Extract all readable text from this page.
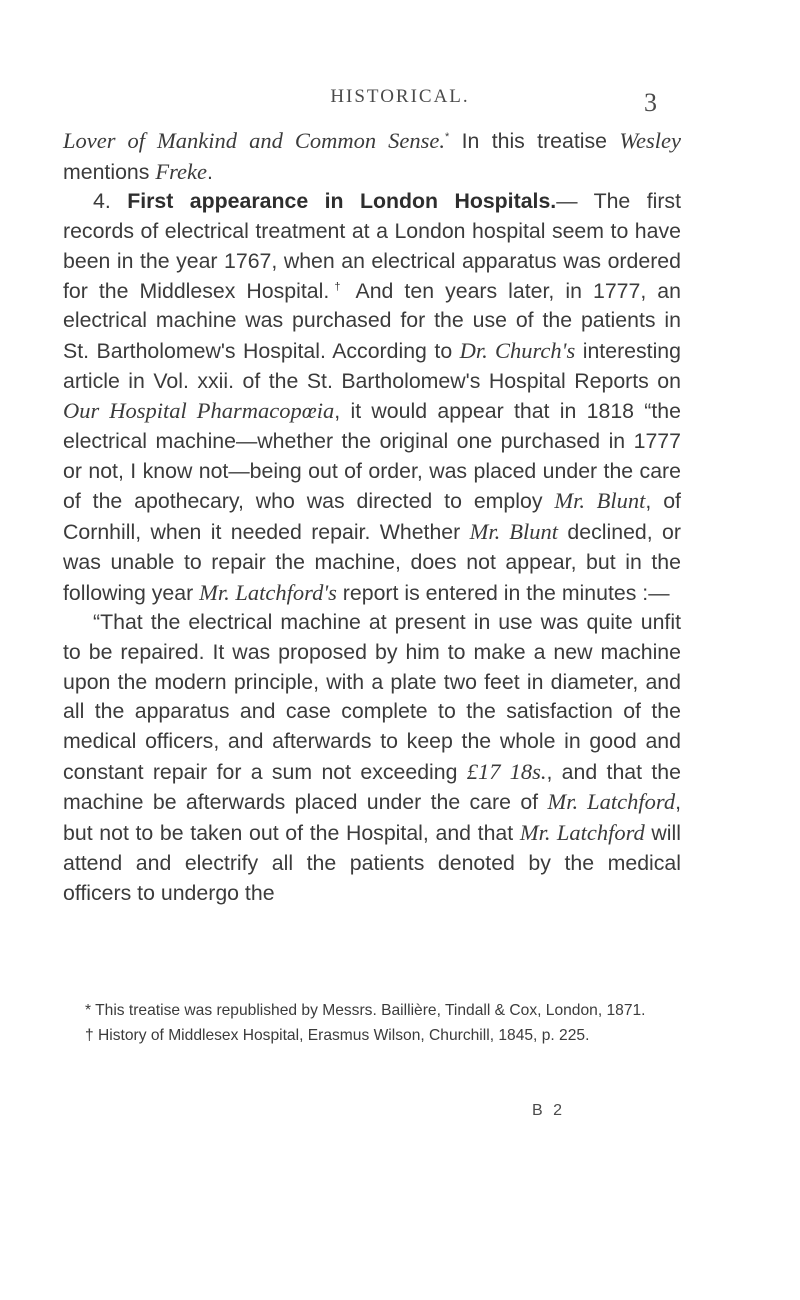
HISTORICAL.	3

Lover of Mankind and Common Sense.* In this treatise Wesley mentions Freke.

4. First appearance in London Hospitals.— The first records of electrical treatment at a London hospital seem to have been in the year 1767, when an electrical apparatus was ordered for the Middlesex Hospital.† And ten years later, in 1777, an electrical machine was purchased for the use of the patients in St. Bartholomew's Hospital. According to Dr. Church's interesting article in Vol. xxii. of the St. Bartholomew's Hospital Reports on Our Hospital Pharmacopœia, it would appear that in 1818 “the electrical machine—whether the original one purchased in 1777 or not, I know not—being out of order, was placed under the care of the apothecary, who was directed to employ Mr. Blunt, of Cornhill, when it needed repair. Whether Mr. Blunt declined, or was unable to repair the machine, does not appear, but in the following year Mr. Latchford's report is entered in the minutes :—

“That the electrical machine at present in use was quite unfit to be repaired. It was proposed by him to make a new machine upon the modern principle, with a plate two feet in diameter, and all the apparatus and case complete to the satisfaction of the medical officers, and afterwards to keep the whole in good and constant repair for a sum not exceeding £17 18s., and that the machine be afterwards placed under the care of Mr. Latchford, but not to be taken out of the Hospital, and that Mr. Latchford will attend and electrify all the patients denoted by the medical officers to undergo the

* This treatise was republished by Messrs. Baillière, Tindall & Cox, London, 1871.

† History of Middlesex Hospital, Erasmus Wilson, Churchill, 1845, p. 225.

B 2
